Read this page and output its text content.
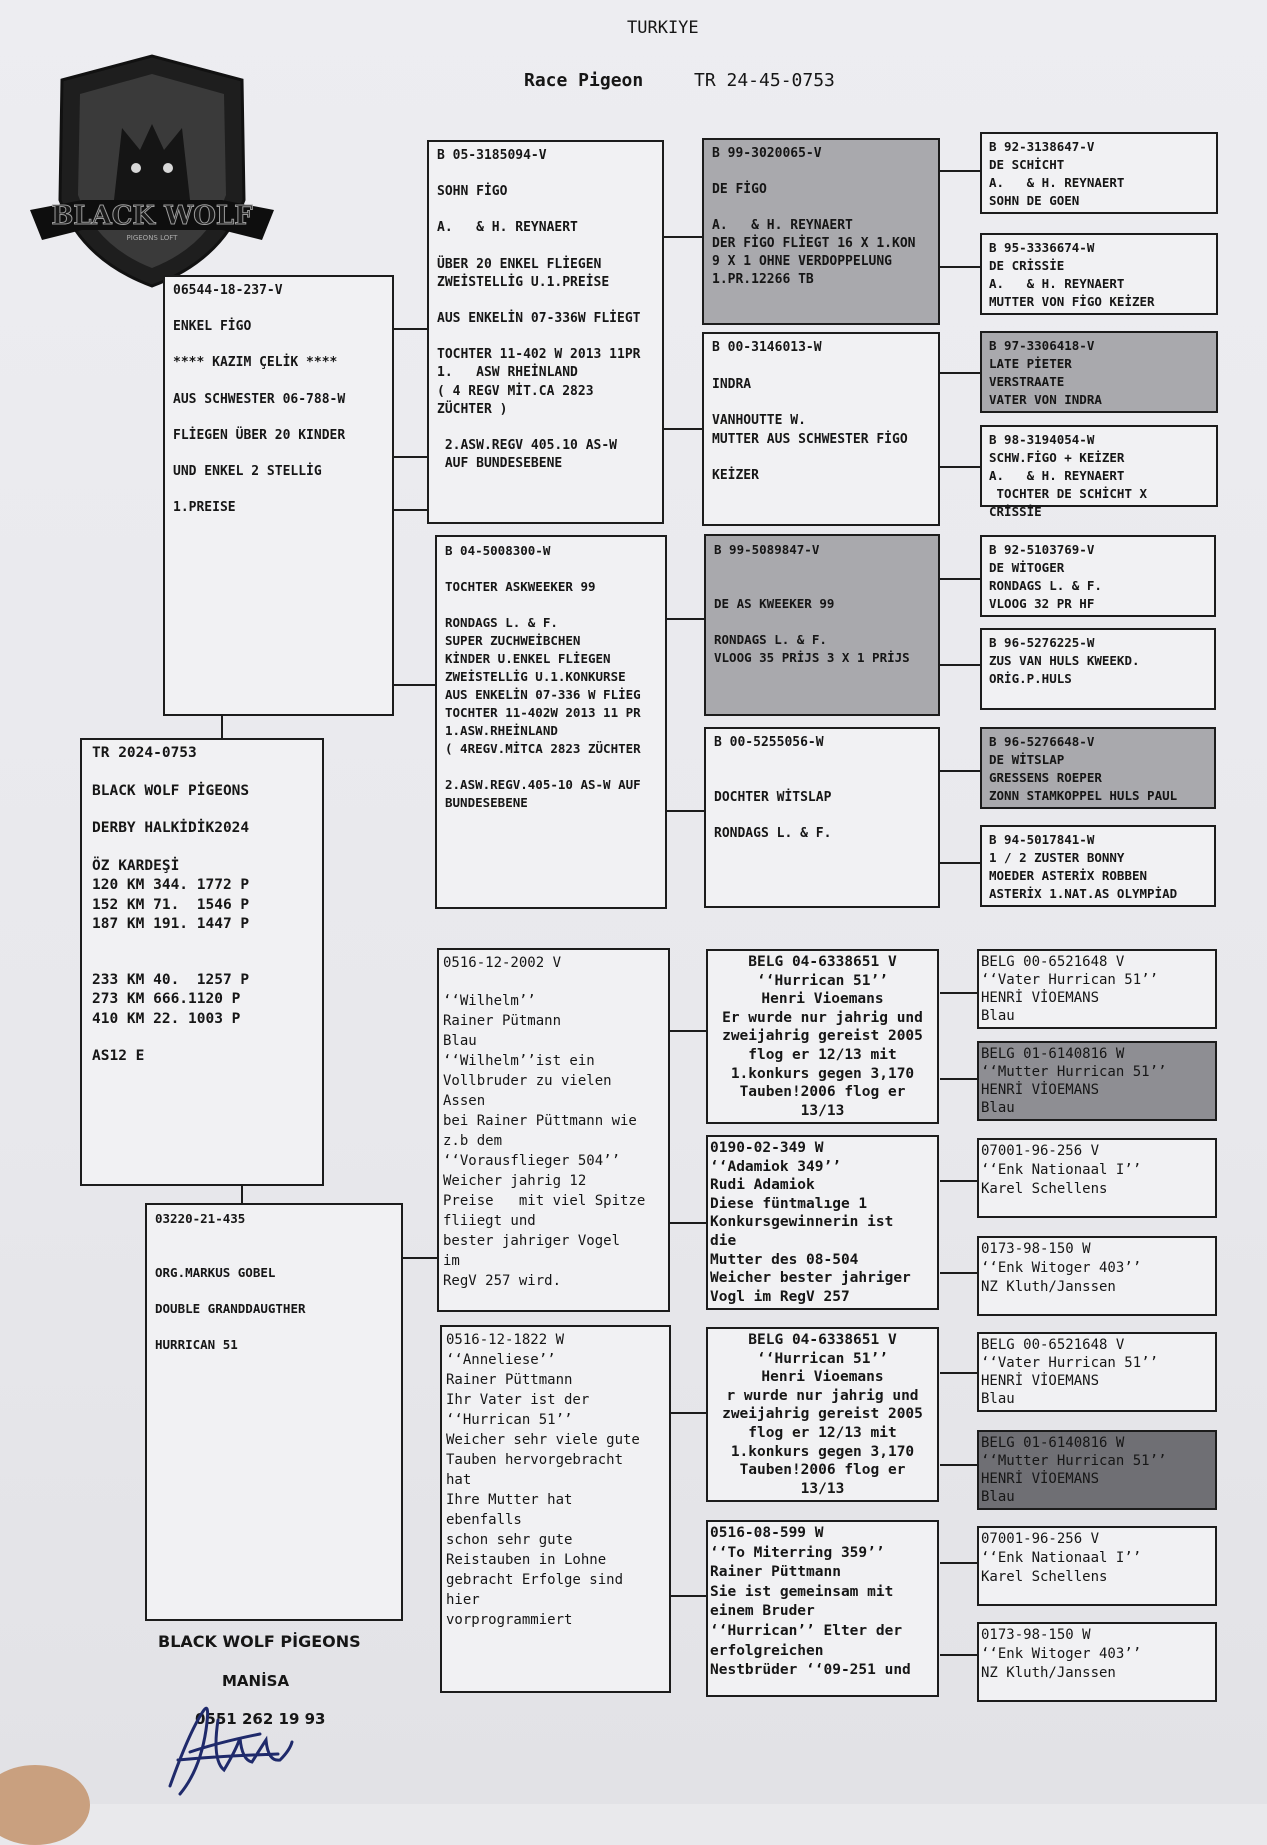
TURKIYE
Race Pigeon	TR 24-45-0753
BLACK WOLF
PIGEONS LOFT
TR 2024-0753
BLACK WOLF PİGEONS
DERBY HALKİDİK2024
ÖZ KARDEŞİ
120 KM 344. 1772 P
152 KM 71.  1546 P
187 KM 191. 1447 P
233 KM 40.  1257 P
273 KM 666.1120 P
410 KM 22. 1003 P
AS12 E
06544-18-237-V
ENKEL FİGO
**** KAZIM ÇELİK ****
AUS SCHWESTER 06-788-W
FLİEGEN ÜBER 20 KINDER
UND ENKEL 2 STELLİG
1.PREISE
03220-21-435
ORG.MARKUS GOBEL
DOUBLE GRANDDAUGTHER
HURRICAN 51
B 05-3185094-V
SOHN FİGO
A.   & H. REYNAERT
ÜBER 20 ENKEL FLİEGEN
ZWEİSTELLİG U.1.PREİSE
AUS ENKELİN 07-336W FLİEGT
TOCHTER 11-402 W 2013 11PR
1.   ASW RHEİNLAND
( 4 REGV MİT.CA 2823
ZÜCHTER )
2.ASW.REGV 405.10 AS-W
AUF BUNDESEBENE
B 04-5008300-W
TOCHTER ASKWEEKER 99
RONDAGS L. & F.
SUPER ZUCHWEİBCHEN
KİNDER U.ENKEL FLİEGEN
ZWEİSTELLİG U.1.KONKURSE
AUS ENKELİN 07-336 W FLİEG
TOCHTER 11-402W 2013 11 PR
1.ASW.RHEİNLAND
( 4REGV.MİTCA 2823 ZÜCHTER
2.ASW.REGV.405-10 AS-W AUF
BUNDESEBENE
0516-12-2002 V
‘‘Wilhelm’’
Rainer Pütmann
Blau
‘‘Wilhelm’’ist ein
Vollbruder zu vielen
Assen
bei Rainer Püttmann wie
z.b dem
‘‘Vorausflieger 504’’
Weicher jahrig 12
Preise   mit viel Spitze
fliiegt und
bester jahriger Vogel
im
RegV 257 wird.
0516-12-1822 W
‘‘Anneliese’’
Rainer Püttmann
Ihr Vater ist der
‘‘Hurrican 51’’
Weicher sehr viele gute
Tauben hervorgebracht
hat
Ihre Mutter hat
ebenfalls
schon sehr gute
Reistauben in Lohne
gebracht Erfolge sind
hier
vorprogrammiert
B 99-3020065-V
DE FİGO
A.   & H. REYNAERT
DER FİGO FLİEGT 16 X 1.KON
9 X 1 OHNE VERDOPPELUNG
1.PR.12266 TB
B 00-3146013-W
INDRA
VANHOUTTE W.
MUTTER AUS SCHWESTER FİGO
KEİZER
B 99-5089847-V
DE AS KWEEKER 99
RONDAGS L. & F.
VLOOG 35 PRİJS 3 X 1 PRİJS
B 00-5255056-W
DOCHTER WİTSLAP
RONDAGS L. & F.
BELG 04-6338651 V
‘‘Hurrican 51’’
Henri Vioemans
Er wurde nur jahrig und
zweijahrig gereist 2005
flog er 12/13 mit
1.konkurs gegen 3,170
Tauben!2006 flog er
13/13
0190-02-349 W
‘‘Adamiok 349’’
Rudi Adamiok
Diese füntmalıge 1
Konkursgewinnerin ist
die
Mutter des 08-504
Weicher bester jahriger
Vogl im RegV 257
BELG 04-6338651 V
‘‘Hurrican 51’’
Henri Vioemans
r wurde nur jahrig und
zweijahrig gereist 2005
flog er 12/13 mit
1.konkurs gegen 3,170
Tauben!2006 flog er
13/13
0516-08-599 W
‘‘To Miterring 359’’
Rainer Püttmann
Sie ist gemeinsam mit
einem Bruder
‘‘Hurrican’’ Elter der
erfolgreichen
Nestbrüder ‘‘09-251 und
B 92-3138647-V
DE SCHİCHT
A.   & H. REYNAERT
SOHN DE GOEN
B 95-3336674-W
DE CRİSSİE
A.   & H. REYNAERT
MUTTER VON FİGO KEİZER
B 97-3306418-V
LATE PİETER
VERSTRAATE
VATER VON INDRA
B 98-3194054-W
SCHW.FİGO + KEİZER
A.   & H. REYNAERT
TOCHTER DE SCHİCHT X
CRİSSİE
B 92-5103769-V
DE WİTOGER
RONDAGS L. & F.
VLOOG 32 PR HF
B 96-5276225-W
ZUS VAN HULS KWEEKD.
ORİG.P.HULS
B 96-5276648-V
DE WİTSLAP
GRESSENS ROEPER
ZONN STAMKOPPEL HULS PAUL
B 94-5017841-W
1 / 2 ZUSTER BONNY
MOEDER ASTERİX ROBBEN
ASTERİX 1.NAT.AS OLYMPİAD
BELG 00-6521648 V
‘‘Vater Hurrican 51’’
HENRİ VİOEMANS
Blau
BELG 01-6140816 W
‘‘Mutter Hurrican 51’’
HENRİ VİOEMANS
Blau
07001-96-256 V
‘‘Enk Nationaal I’’
Karel Schellens
0173-98-150 W
‘‘Enk Witoger 403’’
NZ Kluth/Janssen
BELG 00-6521648 V
‘‘Vater Hurrican 51’’
HENRİ VİOEMANS
Blau
BELG 01-6140816 W
‘‘Mutter Hurrican 51’’
HENRİ VİOEMANS
Blau
07001-96-256 V
‘‘Enk Nationaal I’’
Karel Schellens
0173-98-150 W
‘‘Enk Witoger 403’’
NZ Kluth/Janssen
BLACK WOLF PİGEONS
MANİSA
0551 262 19 93
